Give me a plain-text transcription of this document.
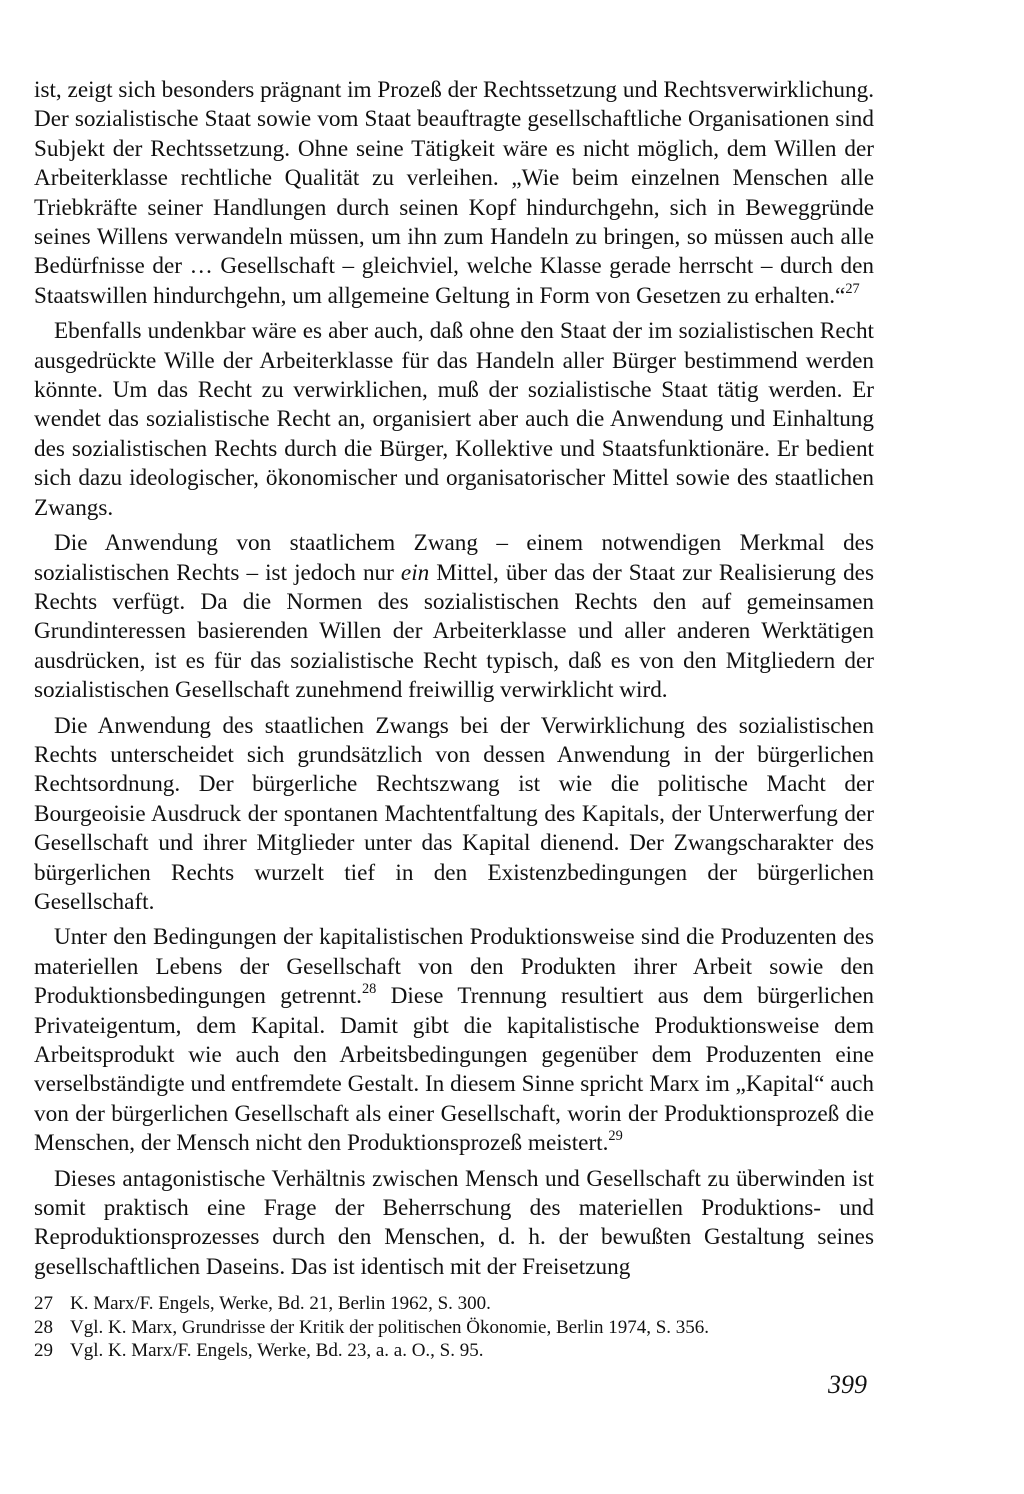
ist, zeigt sich besonders prägnant im Prozeß der Rechtssetzung und Rechtsverwirklichung. Der sozialistische Staat sowie vom Staat beauftragte gesellschaftliche Organisationen sind Subjekt der Rechtssetzung. Ohne seine Tätigkeit wäre es nicht möglich, dem Willen der Arbeiterklasse rechtliche Qualität zu verleihen. „Wie beim einzelnen Menschen alle Triebkräfte seiner Handlungen durch seinen Kopf hindurchgehn, sich in Beweggründe seines Willens verwandeln müssen, um ihn zum Handeln zu bringen, so müssen auch alle Bedürfnisse der … Gesellschaft – gleichviel, welche Klasse gerade herrscht – durch den Staatswillen hindurchgehn, um allgemeine Geltung in Form von Gesetzen zu erhalten.“$^{27}$

Ebenfalls undenkbar wäre es aber auch, daß ohne den Staat der im sozialistischen Recht ausgedrückte Wille der Arbeiterklasse für das Handeln aller Bürger bestimmend werden könnte. Um das Recht zu verwirklichen, muß der sozialistische Staat tätig werden. Er wendet das sozialistische Recht an, organisiert aber auch die Anwendung und Einhaltung des sozialistischen Rechts durch die Bürger, Kollektive und Staatsfunktionäre. Er bedient sich dazu ideologischer, ökonomischer und organisatorischer Mittel sowie des staatlichen Zwangs.

Die Anwendung von staatlichem Zwang – einem notwendigen Merkmal des sozialistischen Rechts – ist jedoch nur ein Mittel, über das der Staat zur Realisierung des Rechts verfügt. Da die Normen des sozialistischen Rechts den auf gemeinsamen Grundinteressen basierenden Willen der Arbeiterklasse und aller anderen Werktätigen ausdrücken, ist es für das sozialistische Recht typisch, daß es von den Mitgliedern der sozialistischen Gesellschaft zunehmend freiwillig verwirklicht wird.

Die Anwendung des staatlichen Zwangs bei der Verwirklichung des sozialistischen Rechts unterscheidet sich grundsätzlich von dessen Anwendung in der bürgerlichen Rechtsordnung. Der bürgerliche Rechtszwang ist wie die politische Macht der Bourgeoisie Ausdruck der spontanen Machtentfaltung des Kapitals, der Unterwerfung der Gesellschaft und ihrer Mitglieder unter das Kapital dienend. Der Zwangscharakter des bürgerlichen Rechts wurzelt tief in den Existenzbedingungen der bürgerlichen Gesellschaft.

Unter den Bedingungen der kapitalistischen Produktionsweise sind die Produzenten des materiellen Lebens der Gesellschaft von den Produkten ihrer Arbeit sowie den Produktionsbedingungen getrennt.$^{28}$ Diese Trennung resultiert aus dem bürgerlichen Privateigentum, dem Kapital. Damit gibt die kapitalistische Produktionsweise dem Arbeitsprodukt wie auch den Arbeitsbedingungen gegenüber dem Produzenten eine verselbständigte und entfremdete Gestalt. In diesem Sinne spricht Marx im „Kapital“ auch von der bürgerlichen Gesellschaft als einer Gesellschaft, worin der Produktionsprozeß die Menschen, der Mensch nicht den Produktionsprozeß meistert.$^{29}$

Dieses antagonistische Verhältnis zwischen Mensch und Gesellschaft zu überwinden ist somit praktisch eine Frage der Beherrschung des materiellen Produktions- und Reproduktionsprozesses durch den Menschen, d. h. der bewußten Gestaltung seines gesellschaftlichen Daseins. Das ist identisch mit der Freisetzung

27 K. Marx/F. Engels, Werke, Bd. 21, Berlin 1962, S. 300.
28 Vgl. K. Marx, Grundrisse der Kritik der politischen Ökonomie, Berlin 1974, S. 356.
29 Vgl. K. Marx/F. Engels, Werke, Bd. 23, a. a. O., S. 95.
399
